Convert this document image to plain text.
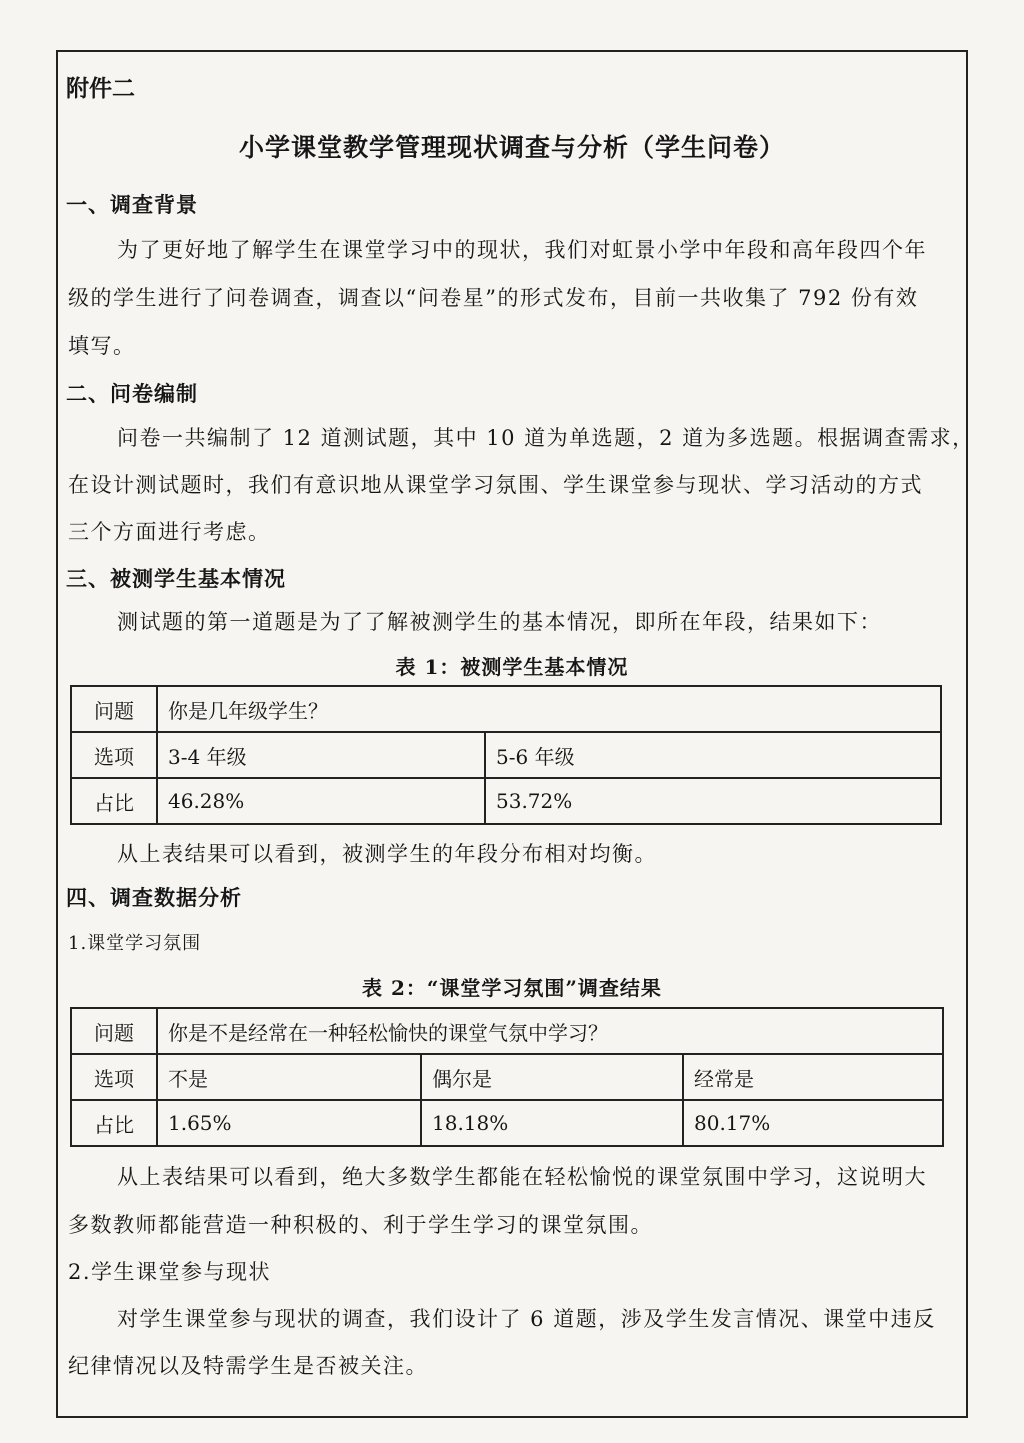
附件二
小学课堂教学管理现状调查与分析（学生问卷）
一、调查背景
为了更好地了解学生在课堂学习中的现状，我们对虹景小学中年段和高年段四个年
级的学生进行了问卷调查，调查以“问卷星”的形式发布，目前一共收集了 792 份有效
填写。
二、问卷编制
问卷一共编制了 12 道测试题，其中 10 道为单选题，2 道为多选题。根据调查需求，
在设计测试题时，我们有意识地从课堂学习氛围、学生课堂参与现状、学习活动的方式
三个方面进行考虑。
三、被测学生基本情况
测试题的第一道题是为了了解被测学生的基本情况，即所在年段，结果如下：
表 1：被测学生基本情况
问题	你是几年级学生？	
选项	3-4 年级	5-6 年级
占比	46.28%	53.72%
从上表结果可以看到，被测学生的年段分布相对均衡。
四、调查数据分析
1.课堂学习氛围
表 2：“课堂学习氛围”调查结果
问题	你是不是经常在一种轻松愉快的课堂气氛中学习？		
选项	不是	偶尔是	经常是
占比	1.65%	18.18%	80.17%
从上表结果可以看到，绝大多数学生都能在轻松愉悦的课堂氛围中学习，这说明大
多数教师都能营造一种积极的、利于学生学习的课堂氛围。
2.学生课堂参与现状
对学生课堂参与现状的调查，我们设计了 6 道题，涉及学生发言情况、课堂中违反
纪律情况以及特需学生是否被关注。
